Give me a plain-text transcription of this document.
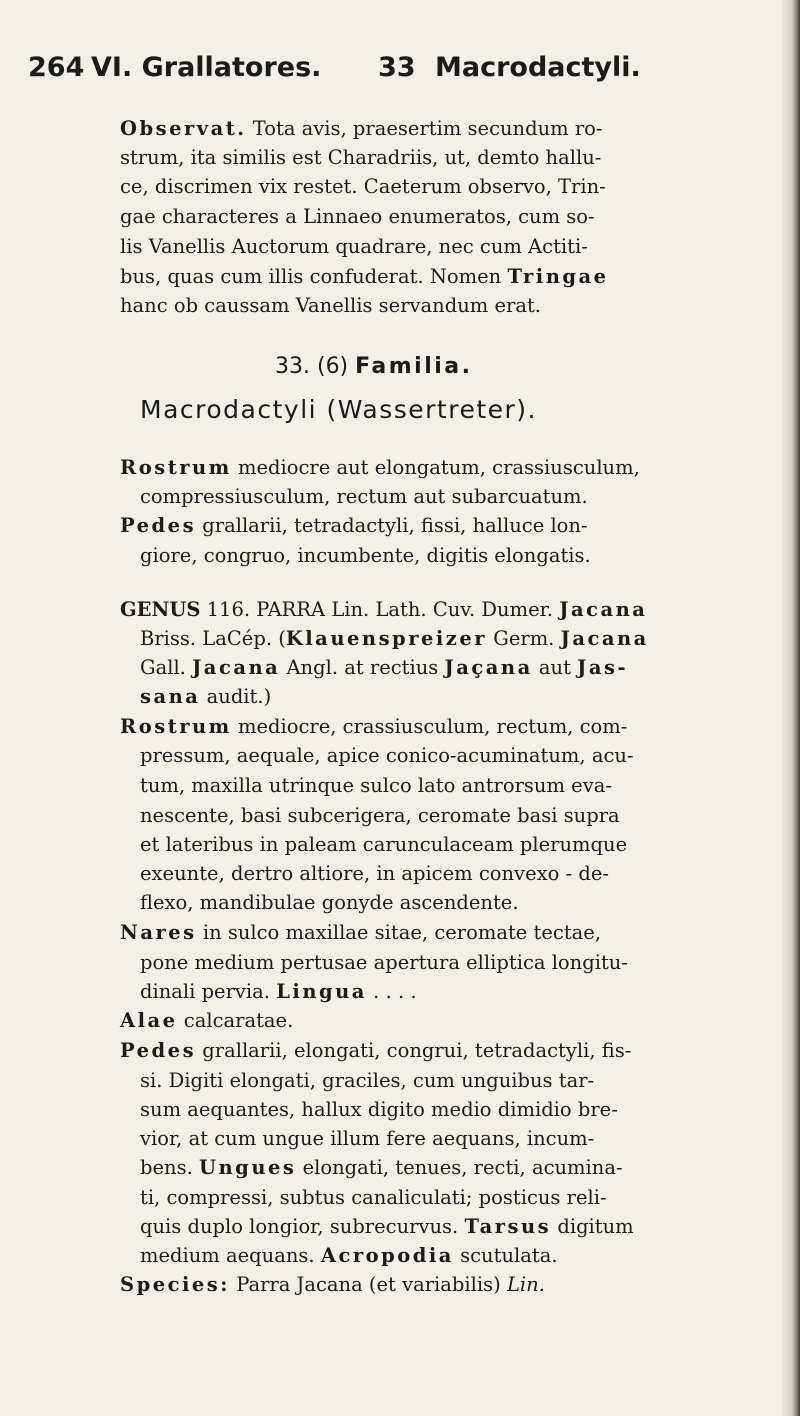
264 VI. Grallatores. 33 Macrodactyli.
Observat. Tota avis, praesertim secundum ro-
strum, ita similis est Charadriis, ut, demto hallu-
ce, discrimen vix restet. Caeterum observo, Trin-
gae characteres a Linnaeo enumeratos, cum so-
lis Vanellis Auctorum quadrare, nec cum Actiti-
bus, quas cum illis confuderat. Nomen Tringae
hanc ob caussam Vanellis servandum erat.
33. (6) Familia.
Macrodactyli (Wassertreter).
Rostrum mediocre aut elongatum, crassiusculum,
compressiusculum, rectum aut subarcuatum.
Pedes grallarii, tetradactyli, fissi, halluce lon-
giore, congruo, incumbente, digitis elongatis.
GENUS 116. PARRA Lin. Lath. Cuv. Dumer. Jacana
Briss. LaCép. (Klauenspreizer Germ. Jacana
Gall. Jacana Angl. at rectius Jaçana aut Jas-
sana audit.)
Rostrum mediocre, crassiusculum, rectum, com-
pressum, aequale, apice conico-acuminatum, acu-
tum, maxilla utrinque sulco lato antrorsum eva-
nescente, basi subcerigera, ceromate basi supra
et lateribus in paleam carunculaceam plerumque
exeunte, dertro altiore, in apicem convexo - de-
flexo, mandibulae gonyde ascendente.
Nares in sulco maxillae sitae, ceromate tectae,
pone medium pertusae apertura elliptica longitu-
dinali pervia. Lingua . . . .
Alae calcaratae.
Pedes grallarii, elongati, congrui, tetradactyli, fis-
si. Digiti elongati, graciles, cum unguibus tar-
sum aequantes, hallux digito medio dimidio bre-
vior, at cum ungue illum fere aequans, incum-
bens. Ungues elongati, tenues, recti, acumina-
ti, compressi, subtus canaliculati; posticus reli-
quis duplo longior, subrecurvus. Tarsus digitum
medium aequans. Acropodia scutulata.
Species: Parra Jacana (et variabilis) Lin.
